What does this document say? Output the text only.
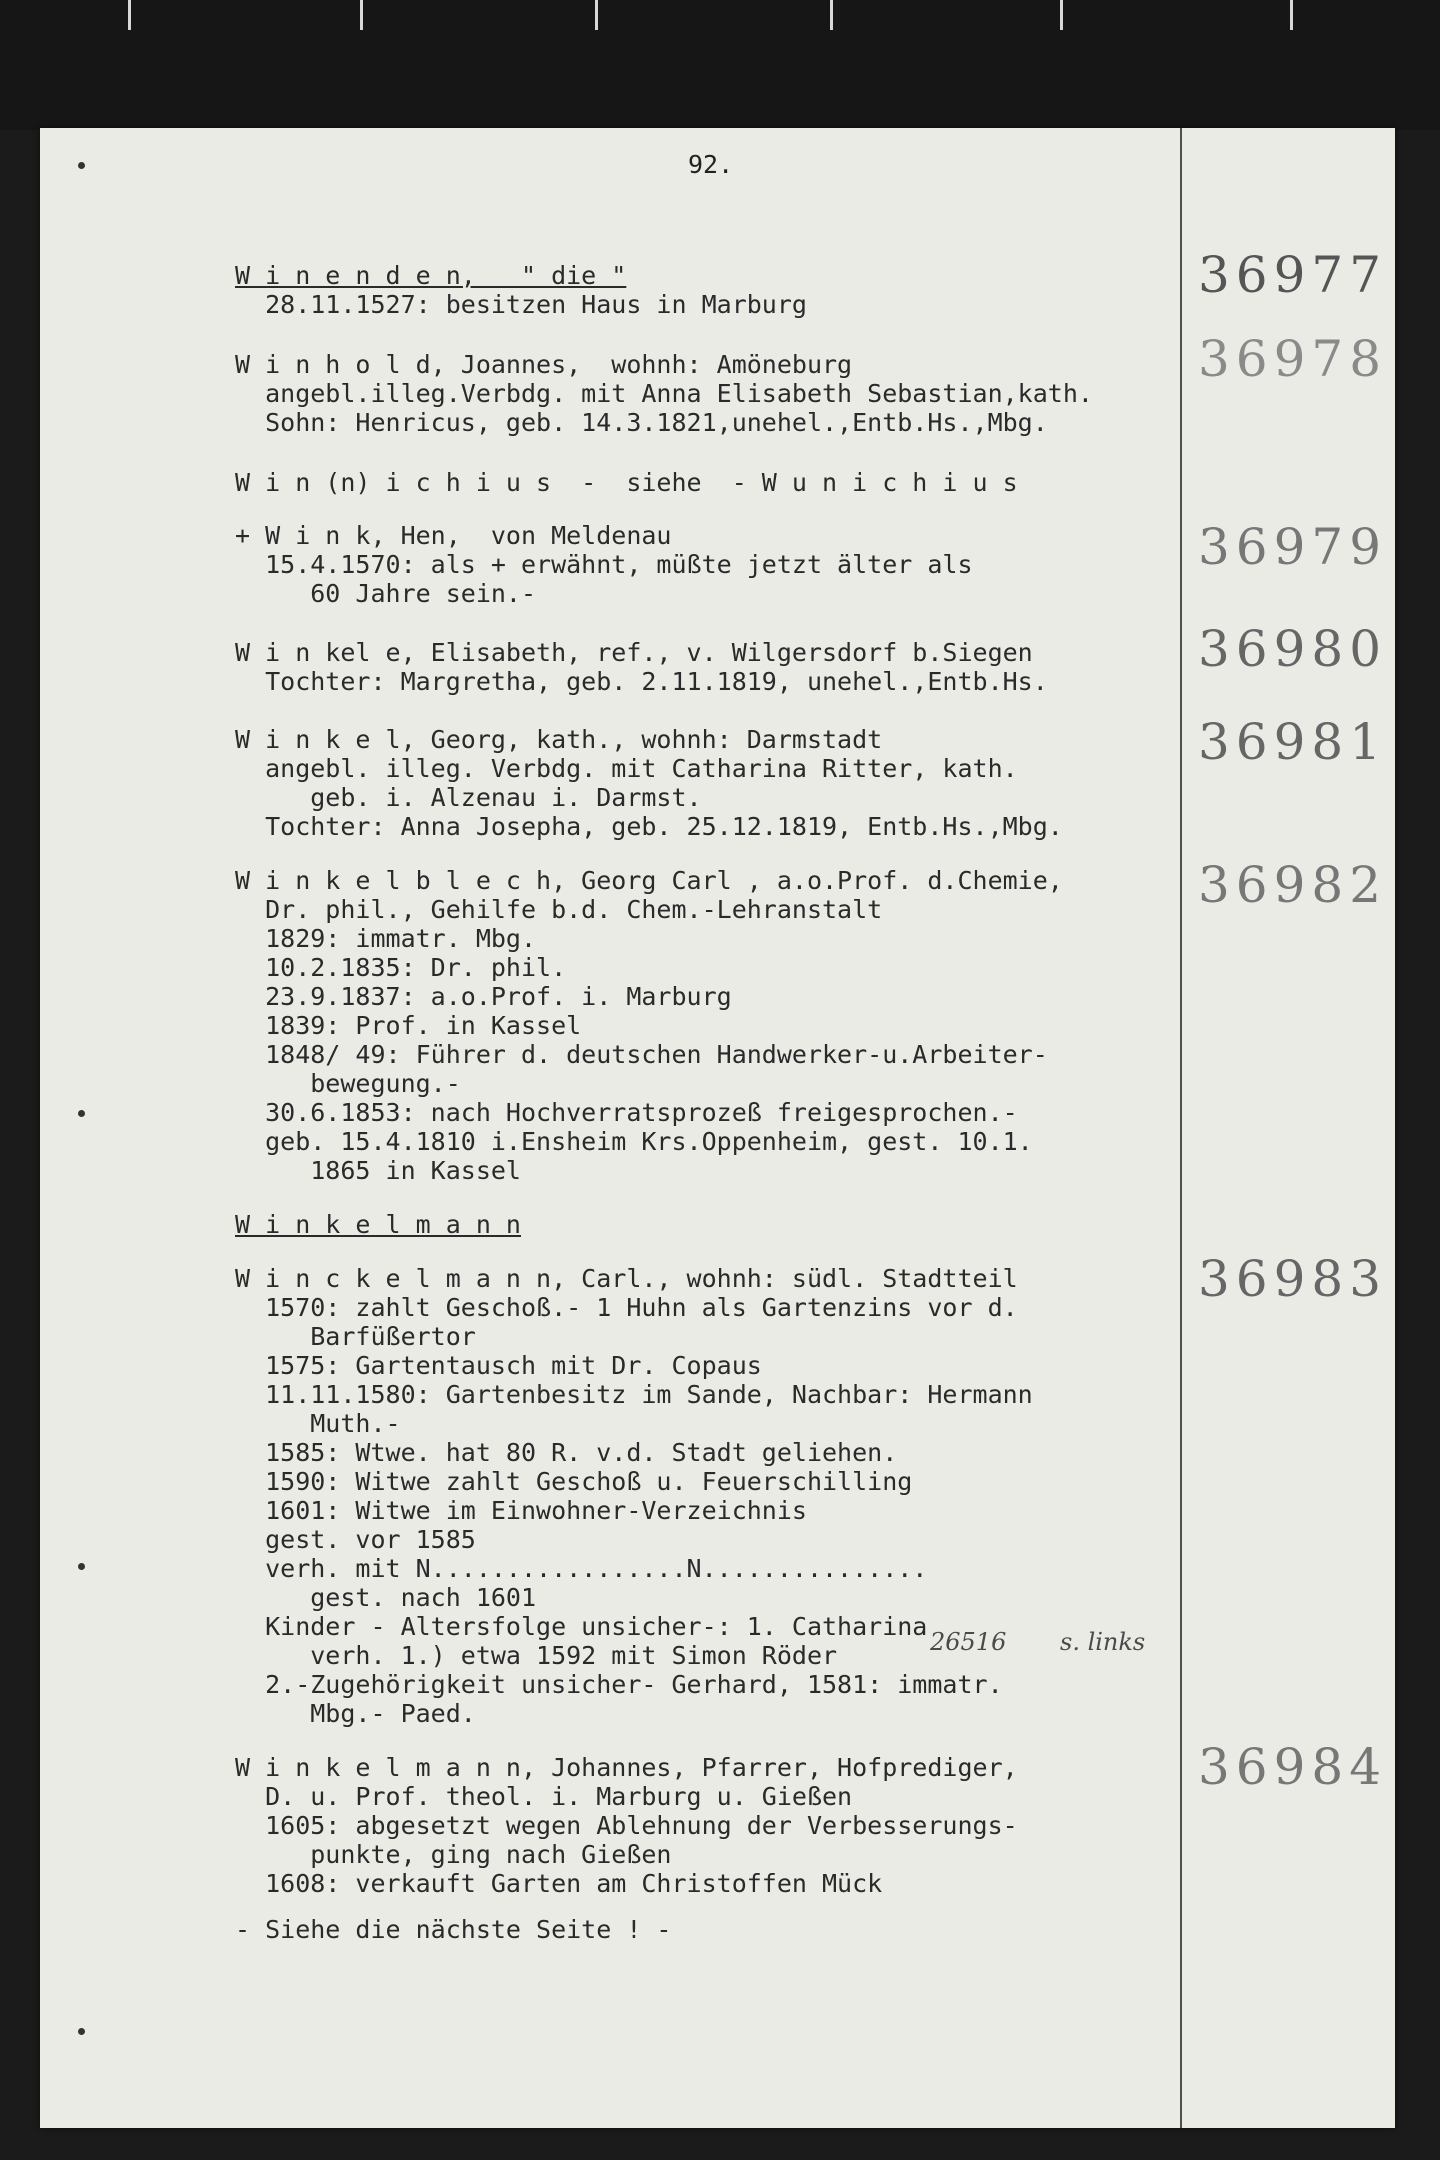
92.
W i n e n d e n,   " die "
28.11.1527: besitzen Haus in Marburg
36977
W i n h o l d, Joannes,  wohnh: Amöneburg
angebl.illeg.Verbdg. mit Anna Elisabeth Sebastian,kath.
Sohn: Henricus, geb. 14.3.1821,unehel.,Entb.Hs.,Mbg.
36978
W i n (n) i c h i u s  -  siehe  - W u n i c h i u s
+ W i n k, Hen,  von Meldenau
15.4.1570: als + erwähnt, müßte jetzt älter als
60 Jahre sein.-
36979
W i n kel e, Elisabeth, ref., v. Wilgersdorf b.Siegen
Tochter: Margretha, geb. 2.11.1819, unehel.,Entb.Hs.
36980
W i n k e l, Georg, kath., wohnh: Darmstadt
angebl. illeg. Verbdg. mit Catharina Ritter, kath.
geb. i. Alzenau i. Darmst.
Tochter: Anna Josepha, geb. 25.12.1819, Entb.Hs.,Mbg.
36981
W i n k e l b l e c h, Georg Carl , a.o.Prof. d.Chemie,
Dr. phil., Gehilfe b.d. Chem.-Lehranstalt
1829: immatr. Mbg.
10.2.1835: Dr. phil.
23.9.1837: a.o.Prof. i. Marburg
1839: Prof. in Kassel
1848/ 49: Führer d. deutschen Handwerker-u.Arbeiter-
bewegung.-
30.6.1853: nach Hochverratsprozeß freigesprochen.-
geb. 15.4.1810 i.Ensheim Krs.Oppenheim, gest. 10.1.
1865 in Kassel
36982
W i n k e l m a n n
W i n c k e l m a n n, Carl., wohnh: südl. Stadtteil
1570: zahlt Geschoß.- 1 Huhn als Gartenzins vor d.
Barfüßertor
1575: Gartentausch mit Dr. Copaus
11.11.1580: Gartenbesitz im Sande, Nachbar: Hermann
Muth.-
1585: Wtwe. hat 80 R. v.d. Stadt geliehen.
1590: Witwe zahlt Geschoß u. Feuerschilling
1601: Witwe im Einwohner-Verzeichnis
gest. vor 1585
verh. mit N.................N...............
gest. nach 1601
Kinder - Altersfolge unsicher-: 1. Catharina
verh. 1.) etwa 1592 mit Simon Röder
2.-Zugehörigkeit unsicher- Gerhard, 1581: immatr.
Mbg.- Paed.
26516 s. links
36983
W i n k e l m a n n, Johannes, Pfarrer, Hofprediger,
D. u. Prof. theol. i. Marburg u. Gießen
1605: abgesetzt wegen Ablehnung der Verbesserungs-
punkte, ging nach Gießen
1608: verkauft Garten am Christoffen Mück
36984
- Siehe die nächste Seite ! -
